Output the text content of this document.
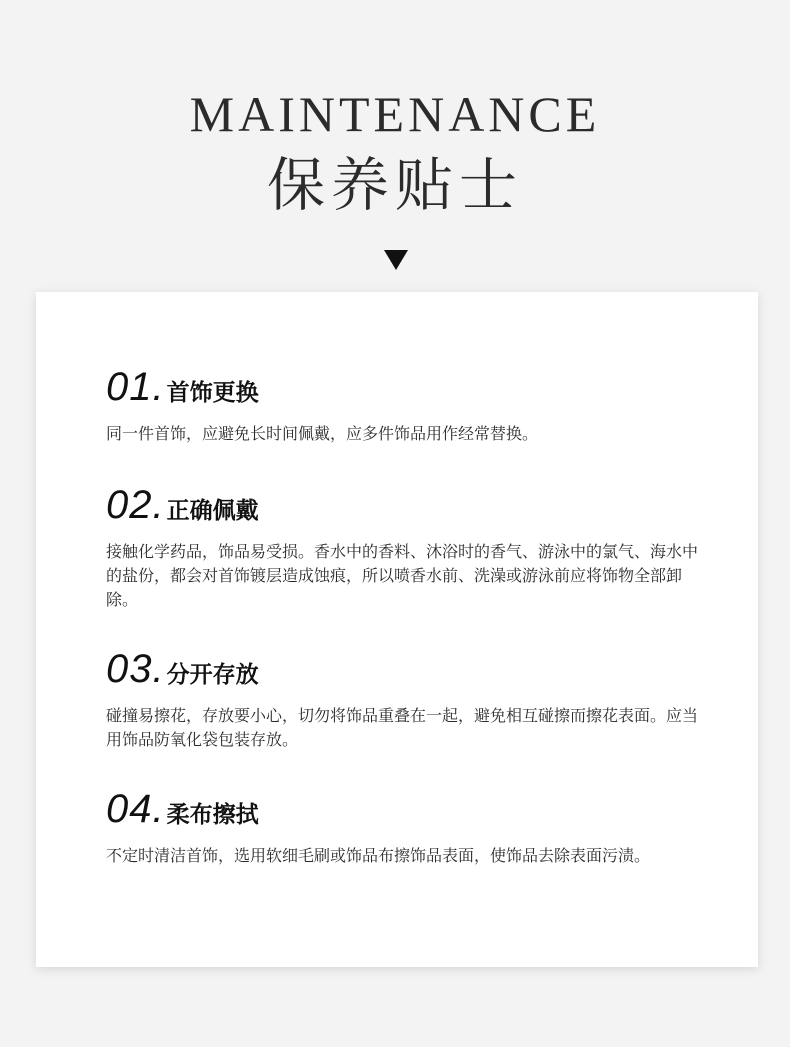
MAINTENANCE
保养贴士
01.首饰更换
同一件首饰，应避免长时间佩戴，应多件饰品用作经常替换。
02.正确佩戴
接触化学药品，饰品易受损。香水中的香料、沐浴时的香气、游泳中的氯气、海水中的盐份，都会对首饰镀层造成蚀痕，所以喷香水前、洗澡或游泳前应将饰物全部卸除。
03.分开存放
碰撞易擦花，存放要小心，切勿将饰品重叠在一起，避免相互碰擦而擦花表面。应当用饰品防氧化袋包装存放。
04.柔布擦拭
不定时清洁首饰，选用软细毛刷或饰品布擦饰品表面，使饰品去除表面污渍。
